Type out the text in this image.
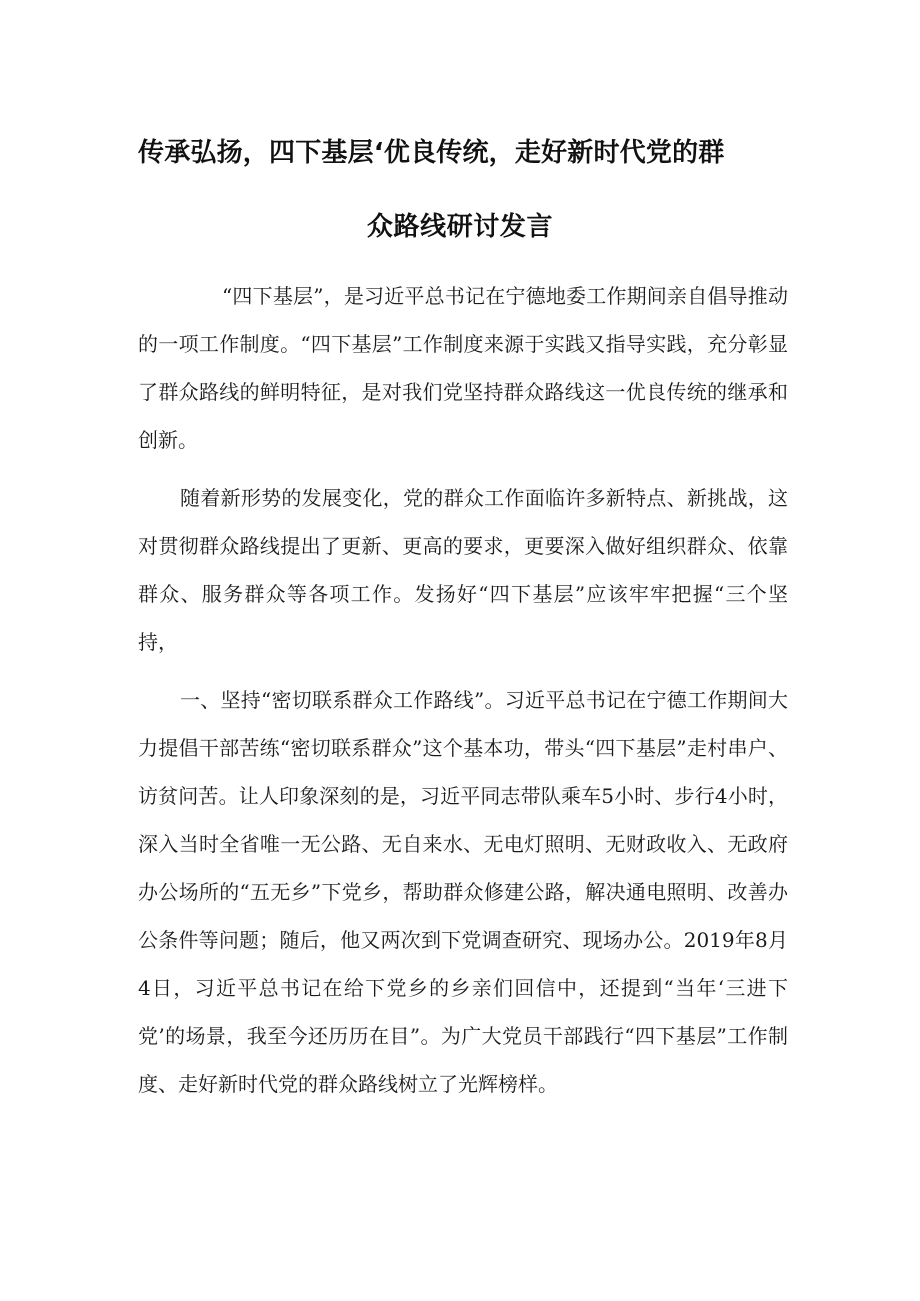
传承弘扬，四下基层‘优良传统，走好新时代党的群
众路线研讨发言

“四下基层”，是习近平总书记在宁德地委工作期间亲自倡导推动的一项工作制度。“四下基层”工作制度来源于实践又指导实践，充分彰显了群众路线的鲜明特征，是对我们党坚持群众路线这一优良传统的继承和创新。

随着新形势的发展变化，党的群众工作面临许多新特点、新挑战，这对贯彻群众路线提出了更新、更高的要求，更要深入做好组织群众、依靠群众、服务群众等各项工作。发扬好“四下基层”应该牢牢把握“三个坚持，

一、坚持“密切联系群众工作路线”。习近平总书记在宁德工作期间大力提倡干部苦练“密切联系群众”这个基本功，带头“四下基层”走村串户、访贫问苦。让人印象深刻的是，习近平同志带队乘车5小时、步行4小时，深入当时全省唯一无公路、无自来水、无电灯照明、无财政收入、无政府办公场所的“五无乡”下党乡，帮助群众修建公路，解决通电照明、改善办公条件等问题；随后，他又两次到下党调查研究、现场办公。2019年8月4日，习近平总书记在给下党乡的乡亲们回信中，还提到“当年‘三进下党’的场景，我至今还历历在目”。为广大党员干部践行“四下基层”工作制度、走好新时代党的群众路线树立了光辉榜样。
